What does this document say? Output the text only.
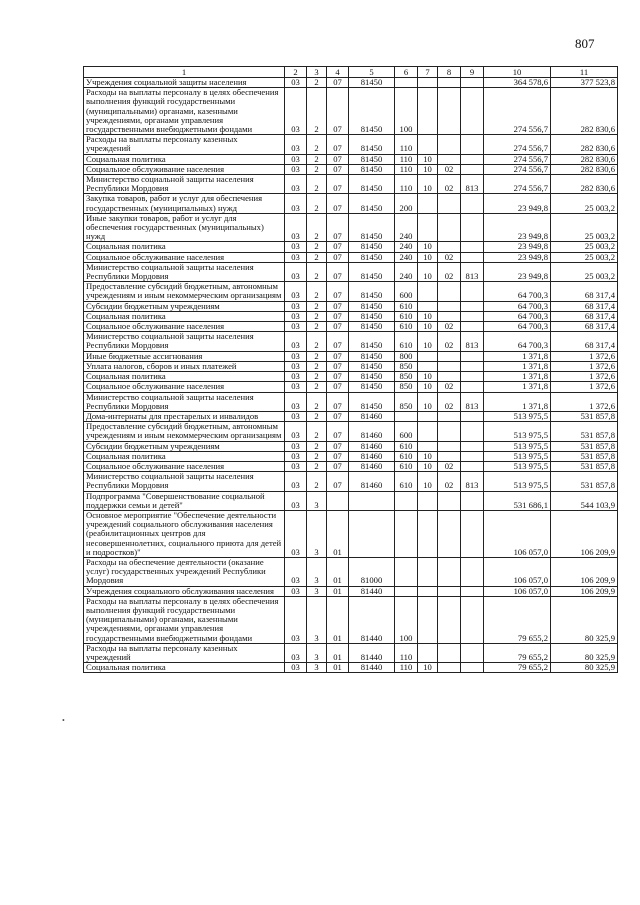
807
1	2	3	4	5	6	7	8	9	10	11
Учреждения социальной защиты населения	03	2	07	81450					364 578,6	377 523,8
Расходы на выплаты персоналу в целях обеспечения выполнения функций государственными (муниципальными) органами, казенными учреждениями, органами управления государственными внебюджетными фондами	03	2	07	81450	100				274 556,7	282 830,6
Расходы на выплаты персоналу казенных учреждений	03	2	07	81450	110				274 556,7	282 830,6
Социальная политика	03	2	07	81450	110	10			274 556,7	282 830,6
Социальное обслуживание населения	03	2	07	81450	110	10	02		274 556,7	282 830,6
Министерство социальной защиты населения Республики Мордовия	03	2	07	81450	110	10	02	813	274 556,7	282 830,6
Закупка товаров, работ и услуг для обеспечения государственных (муниципальных) нужд	03	2	07	81450	200				23 949,8	25 003,2
Иные закупки товаров, работ и услуг для обеспечения государственных (муниципальных) нужд	03	2	07	81450	240				23 949,8	25 003,2
Социальная политика	03	2	07	81450	240	10			23 949,8	25 003,2
Социальное обслуживание населения	03	2	07	81450	240	10	02		23 949,8	25 003,2
Министерство социальной защиты населения Республики Мордовия	03	2	07	81450	240	10	02	813	23 949,8	25 003,2
Предоставление субсидий бюджетным, автономным учреждениям и иным некоммерческим организациям	03	2	07	81450	600				64 700,3	68 317,4
Субсидии бюджетным учреждениям	03	2	07	81450	610				64 700,3	68 317,4
Социальная политика	03	2	07	81450	610	10			64 700,3	68 317,4
Социальное обслуживание населения	03	2	07	81450	610	10	02		64 700,3	68 317,4
Министерство социальной защиты населения Республики Мордовия	03	2	07	81450	610	10	02	813	64 700,3	68 317,4
Иные бюджетные ассигнования	03	2	07	81450	800				1 371,8	1 372,6
Уплата налогов, сборов и иных платежей	03	2	07	81450	850				1 371,8	1 372,6
Социальная политика	03	2	07	81450	850	10			1 371,8	1 372,6
Социальное обслуживание населения	03	2	07	81450	850	10	02		1 371,8	1 372,6
Министерство социальной защиты населения Республики Мордовия	03	2	07	81450	850	10	02	813	1 371,8	1 372,6
Дома-интернаты для престарелых и инвалидов	03	2	07	81460					513 975,5	531 857,8
Предоставление субсидий бюджетным, автономным учреждениям и иным некоммерческим организациям	03	2	07	81460	600				513 975,5	531 857,8
Субсидии бюджетным учреждениям	03	2	07	81460	610				513 975,5	531 857,8
Социальная политика	03	2	07	81460	610	10			513 975,5	531 857,8
Социальное обслуживание населения	03	2	07	81460	610	10	02		513 975,5	531 857,8
Министерство социальной защиты населения Республики Мордовия	03	2	07	81460	610	10	02	813	513 975,5	531 857,8
Подпрограмма "Совершенствование социальной поддержки семьи и детей"	03	3							531 686,1	544 103,9
Основное мероприятие "Обеспечение деятельности учреждений социального обслуживания населения (реабилитационных центров для несовершеннолетних, социального приюта для детей и подростков)"	03	3	01						106 057,0	106 209,9
Расходы на обеспечение деятельности (оказание услуг) государственных учреждений Республики Мордовия	03	3	01	81000					106 057,0	106 209,9
Учреждения социального обслуживания населения	03	3	01	81440					106 057,0	106 209,9
Расходы на выплаты персоналу в целях обеспечения выполнения функций государственными (муниципальными) органами, казенными учреждениями, органами управления государственными внебюджетными фондами	03	3	01	81440	100				79 655,2	80 325,9
Расходы на выплаты персоналу казенных учреждений	03	3	01	81440	110				79 655,2	80 325,9
Социальная политика	03	3	01	81440	110	10			79 655,2	80 325,9
•
